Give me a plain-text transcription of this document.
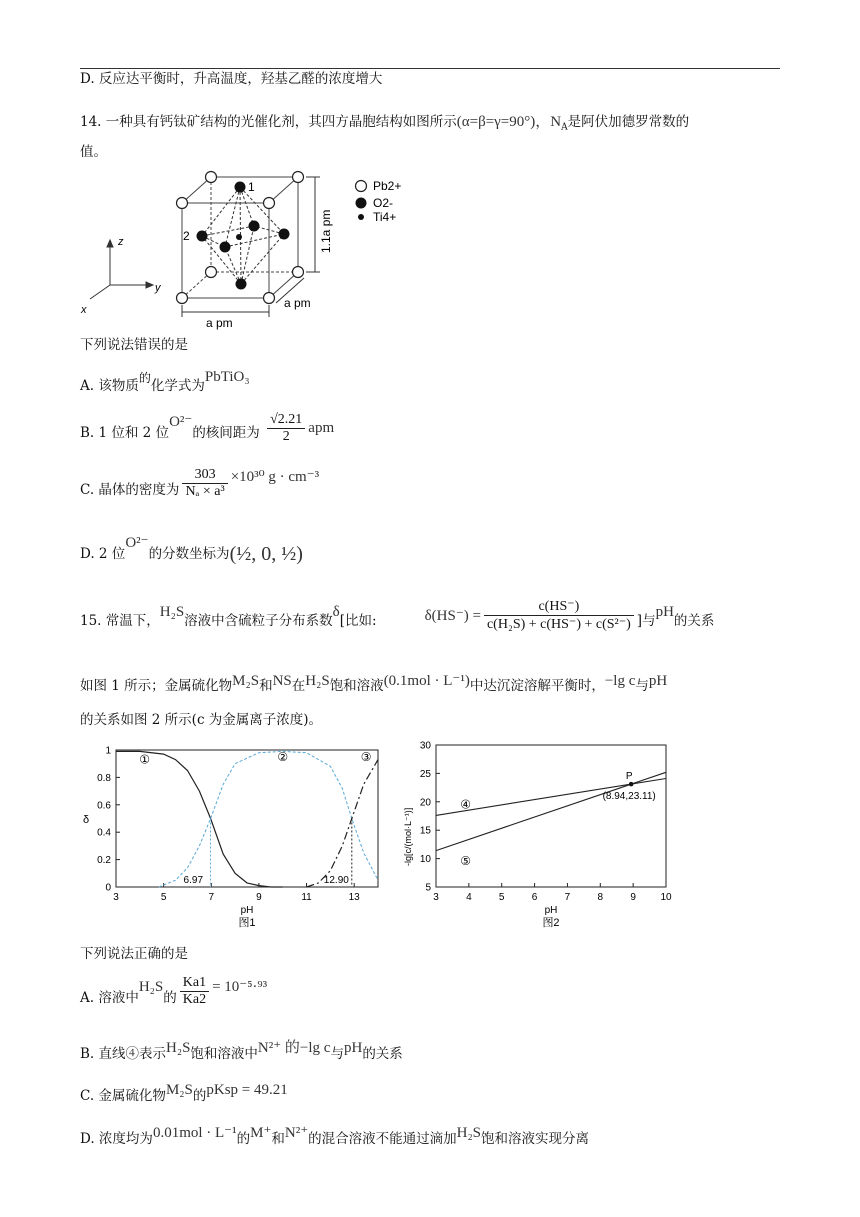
D. 反应达平衡时，升高温度，羟基乙醛的浓度增大
14. 一种具有钙钛矿结构的光催化剂，其四方晶胞结构如图所示(α=β=γ=90°)，$N_A$是阿伏加德罗常数的
值。
1
2	1.1a pm
a pm
a pm
z
y
x
Pb2+
O2-
Ti4+
下列说法错误的是
A. 该物质的化学式为PbTiO₃
B. 1 位和 2 位O²⁻的核间距为 $\frac{√2.21}{2}$ apm
C. 晶体的密度为 $\frac{303}{\text{Nₐ × a³}} \times 10^{30}$ g · cm⁻³
D. 2 位O²⁻的分数坐标为(½, 0, ½)
15. 常温下，H₂S溶液中含硫粒子分布系数δ[比如:	$\delta(HS^-) = \frac{c(HS^-)}{\text{c(H₂S) + c(HS⁻) + c(S²⁻)}}$ ]与pH的关系
如图 1 所示；金属硫化物M₂S和NS在H₂S饱和溶液(0.1mol · L⁻¹)中达沉淀溶解平衡时，−lg c与pH
的关系如图 2 所示(c 为金属离子浓度)。
3	5	7	9	11	13
0
0.2
0.4
0.6
0.8
1
pH
图1
δ
6.97	12.90
①	②	③
3	4	5	6	7	8	9 10
5
10
15
20
25
30
pH
图2
-lg[c/(mol·L⁻¹)]
P
(8.94,23.11)
④
⑤
下列说法正确的是
A. 溶液中H₂S的 $\frac{Ka1}{Ka2} = 10^{-5}\cdot^{93}$
B. 直线④表示H₂S饱和溶液中N²⁺ 的−lg c与pH的关系
C. 金属硫化物M₂S的pKsp = 49.21
D. 浓度均为0.01mol · L⁻¹的M⁺和N²⁺的混合溶液不能通过滴加H₂S饱和溶液实现分离
